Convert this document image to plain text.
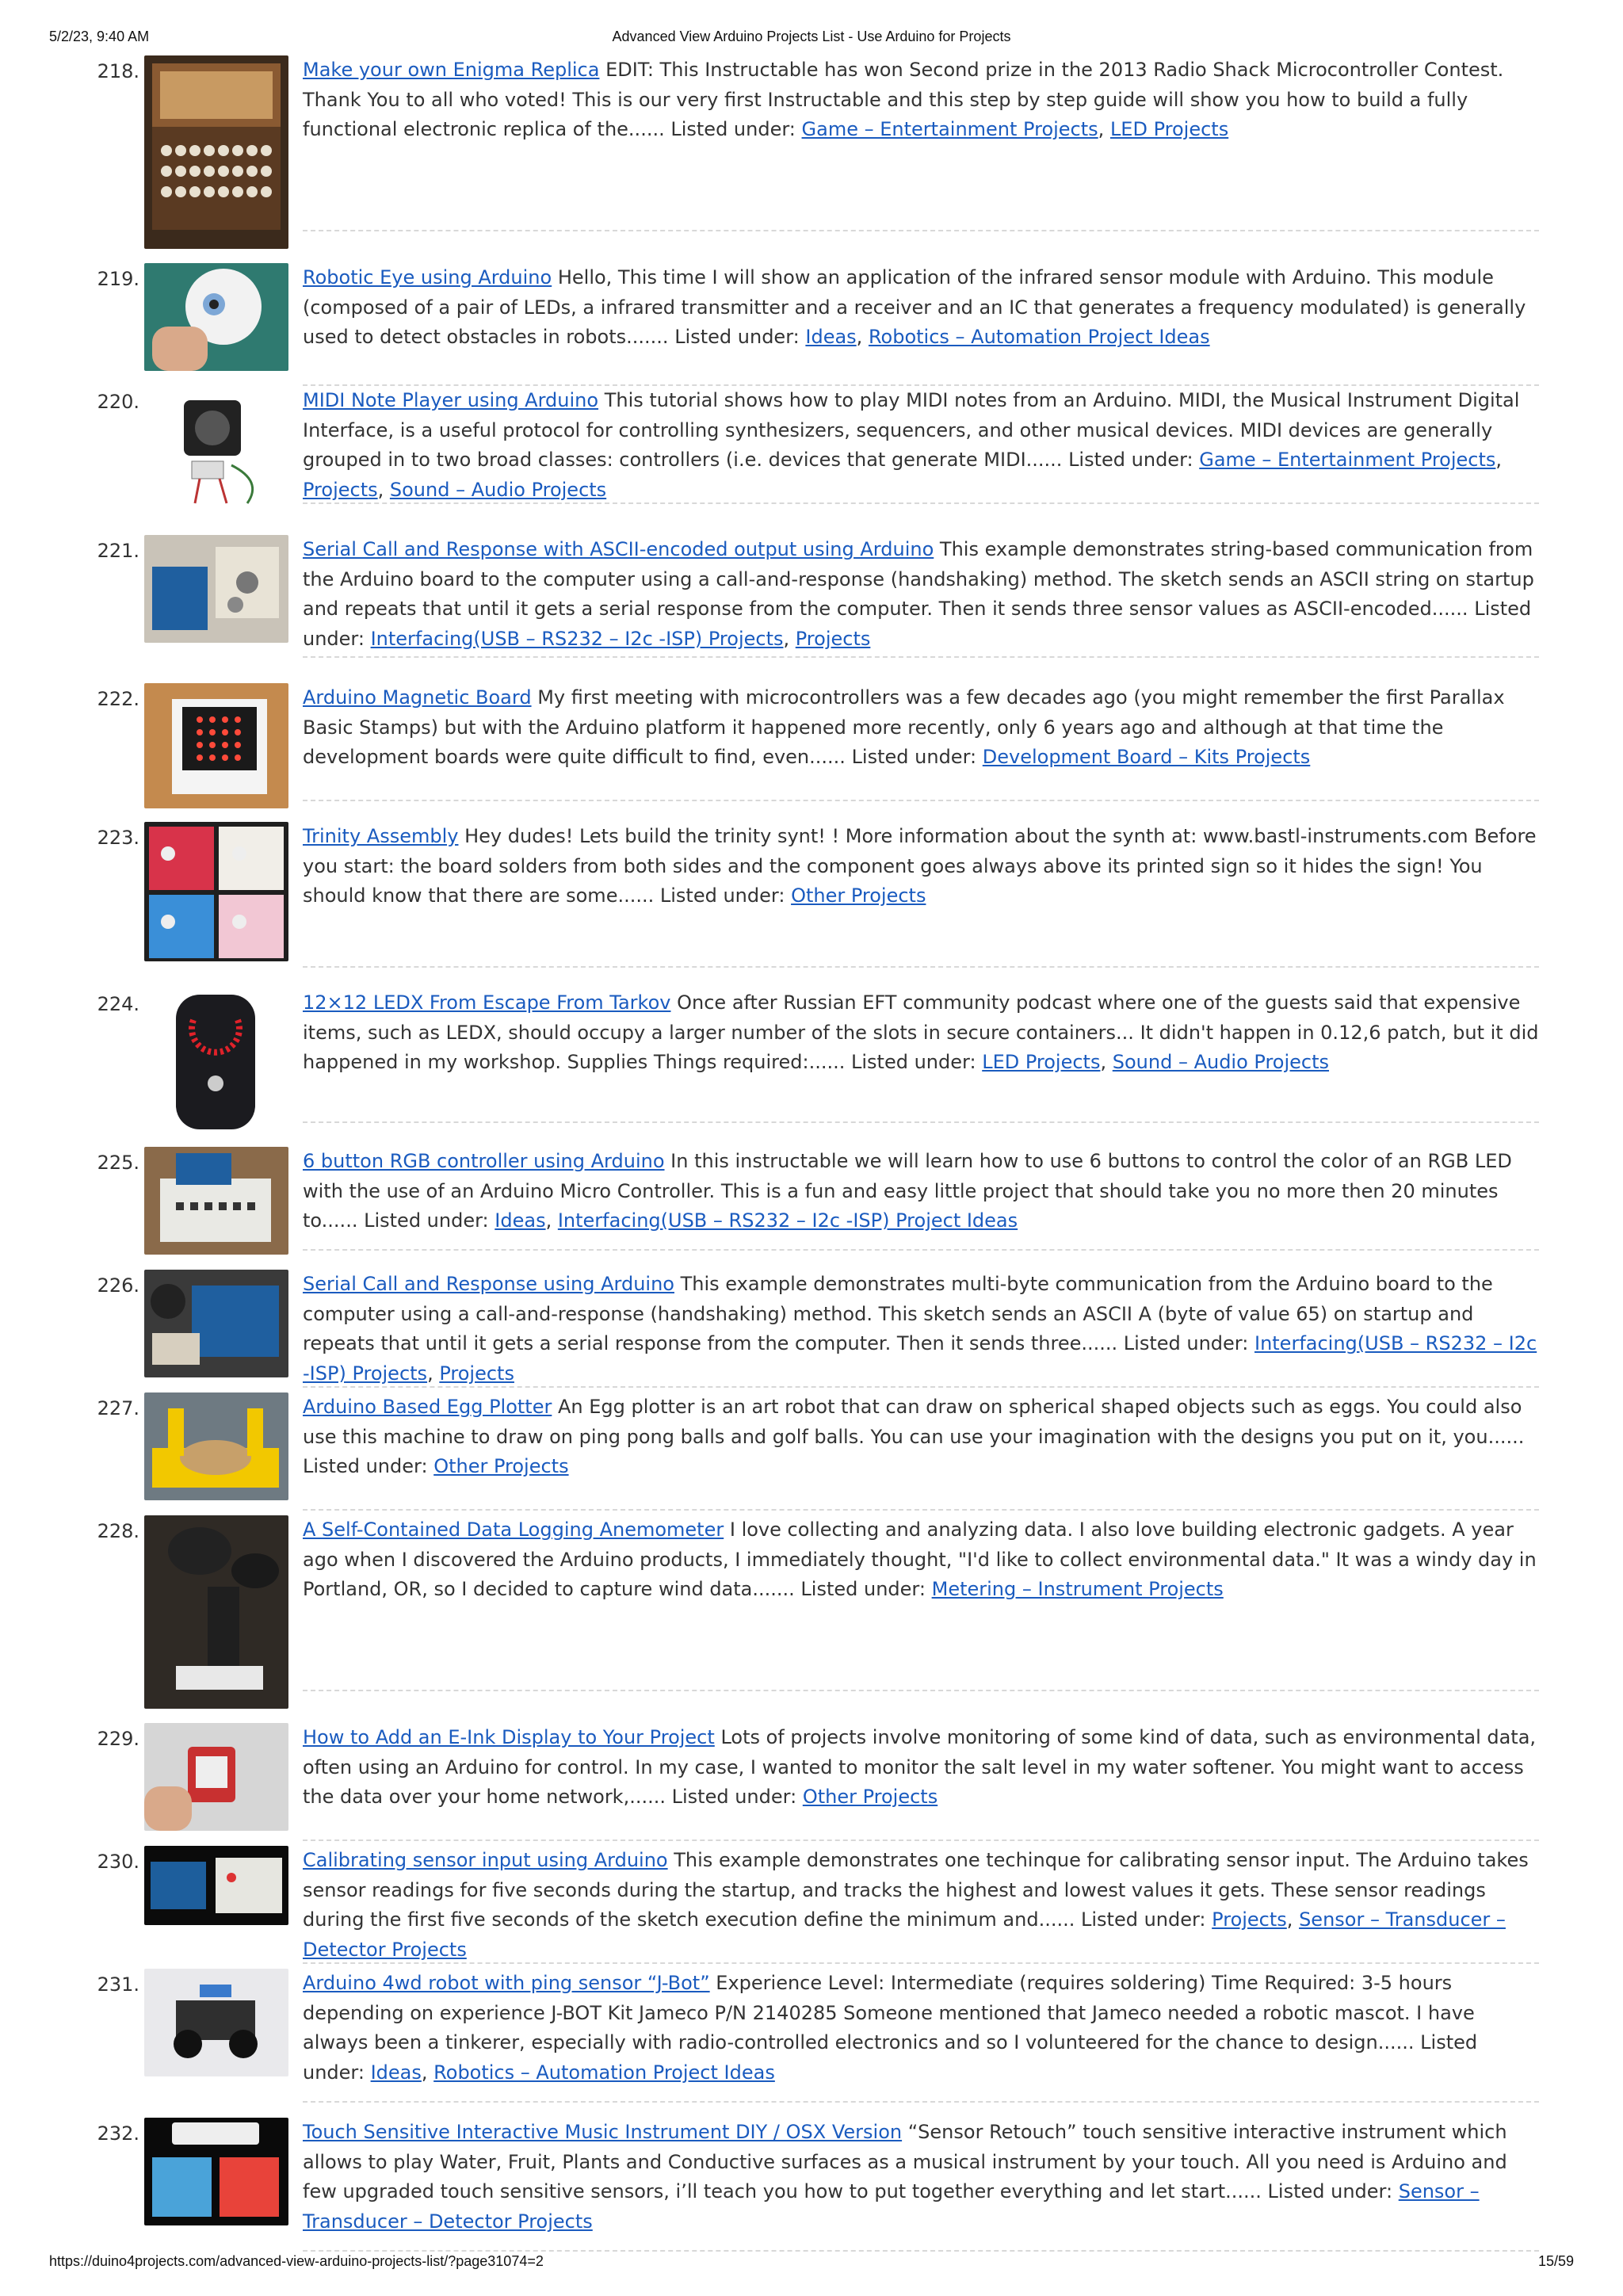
5/2/23, 9:40 AM	Advanced View Arduino Projects List - Use Arduino for Projects
218.	Make your own Enigma Replica EDIT: This Instructable has won Second prize in the 2013 Radio Shack Microcontroller Contest. Thank You to all who voted! This is our very first Instructable and this step by step guide will show you how to build a fully functional electronic replica of the...... Listed under: Game – Entertainment Projects, LED Projects
219.	Robotic Eye using Arduino Hello, This time I will show an application of the infrared sensor module with Arduino. This module (composed of a pair of LEDs, a infrared transmitter and a receiver and an IC that generates a frequency modulated) is generally used to detect obstacles in robots....... Listed under: Ideas, Robotics – Automation Project Ideas
220.	MIDI Note Player using Arduino This tutorial shows how to play MIDI notes from an Arduino. MIDI, the Musical Instrument Digital Interface, is a useful protocol for controlling synthesizers, sequencers, and other musical devices. MIDI devices are generally grouped in to two broad classes: controllers (i.e. devices that generate MIDI...... Listed under: Game – Entertainment Projects, Projects, Sound – Audio Projects
221.	Serial Call and Response with ASCII-encoded output using Arduino This example demonstrates string-based communication from the Arduino board to the computer using a call-and-response (handshaking) method. The sketch sends an ASCII string on startup and repeats that until it gets a serial response from the computer. Then it sends three sensor values as ASCII-encoded...... Listed under: Interfacing(USB – RS232 – I2c -ISP) Projects, Projects
222.	Arduino Magnetic Board My first meeting with microcontrollers was a few decades ago (you might remember the first Parallax Basic Stamps) but with the Arduino platform it happened more recently, only 6 years ago and although at that time the development boards were quite difficult to find, even...... Listed under: Development Board – Kits Projects
223.	Trinity Assembly Hey dudes! Lets build the trinity synt! ! More information about the synth at: www.bastl-instruments.com Before you start: the board solders from both sides and the component goes always above its printed sign so it hides the sign! You should know that there are some...... Listed under: Other Projects
224.	12×12 LEDX From Escape From Tarkov Once after Russian EFT community podcast where one of the guests said that expensive items, such as LEDX, should occupy a larger number of the slots in secure containers... It didn't happen in 0.12,6 patch, but it did happened in my workshop. Supplies Things required:...... Listed under: LED Projects, Sound – Audio Projects
225.	6 button RGB controller using Arduino In this instructable we will learn how to use 6 buttons to control the color of an RGB LED with the use of an Arduino Micro Controller. This is a fun and easy little project that should take you no more then 20 minutes to...... Listed under: Ideas, Interfacing(USB – RS232 – I2c -ISP) Project Ideas
226.	Serial Call and Response using Arduino This example demonstrates multi-byte communication from the Arduino board to the computer using a call-and-response (handshaking) method. This sketch sends an ASCII A (byte of value 65) on startup and repeats that until it gets a serial response from the computer. Then it sends three...... Listed under: Interfacing(USB – RS232 – I2c -ISP) Projects, Projects
227.	Arduino Based Egg Plotter An Egg plotter is an art robot that can draw on spherical shaped objects such as eggs. You could also use this machine to draw on ping pong balls and golf balls. You can use your imagination with the designs you put on it, you...... Listed under: Other Projects
228.	A Self-Contained Data Logging Anemometer I love collecting and analyzing data. I also love building electronic gadgets. A year ago when I discovered the Arduino products, I immediately thought, "I'd like to collect environmental data." It was a windy day in Portland, OR, so I decided to capture wind data....... Listed under: Metering – Instrument Projects
229.	How to Add an E-Ink Display to Your Project Lots of projects involve monitoring of some kind of data, such as environmental data, often using an Arduino for control. In my case, I wanted to monitor the salt level in my water softener. You might want to access the data over your home network,...... Listed under: Other Projects
230.	Calibrating sensor input using Arduino This example demonstrates one techinque for calibrating sensor input. The Arduino takes sensor readings for five seconds during the startup, and tracks the highest and lowest values it gets. These sensor readings during the first five seconds of the sketch execution define the minimum and...... Listed under: Projects, Sensor – Transducer – Detector Projects
231.	Arduino 4wd robot with ping sensor “J-Bot” Experience Level: Intermediate (requires soldering) Time Required: 3-5 hours depending on experience J-BOT Kit Jameco P/N 2140285 Someone mentioned that Jameco needed a robotic mascot. I have always been a tinkerer, especially with radio-controlled electronics and so I volunteered for the chance to design...... Listed under: Ideas, Robotics – Automation Project Ideas
232.	Touch Sensitive Interactive Music Instrument DIY / OSX Version “Sensor Retouch” touch sensitive interactive instrument which allows to play Water, Fruit, Plants and Conductive surfaces as a musical instrument by your touch. All you need is Arduino and few upgraded touch sensitive sensors, i’ll teach you how to put together everything and let start...... Listed under: Sensor – Transducer – Detector Projects
https://duino4projects.com/advanced-view-arduino-projects-list/?page31074=2	15/59
